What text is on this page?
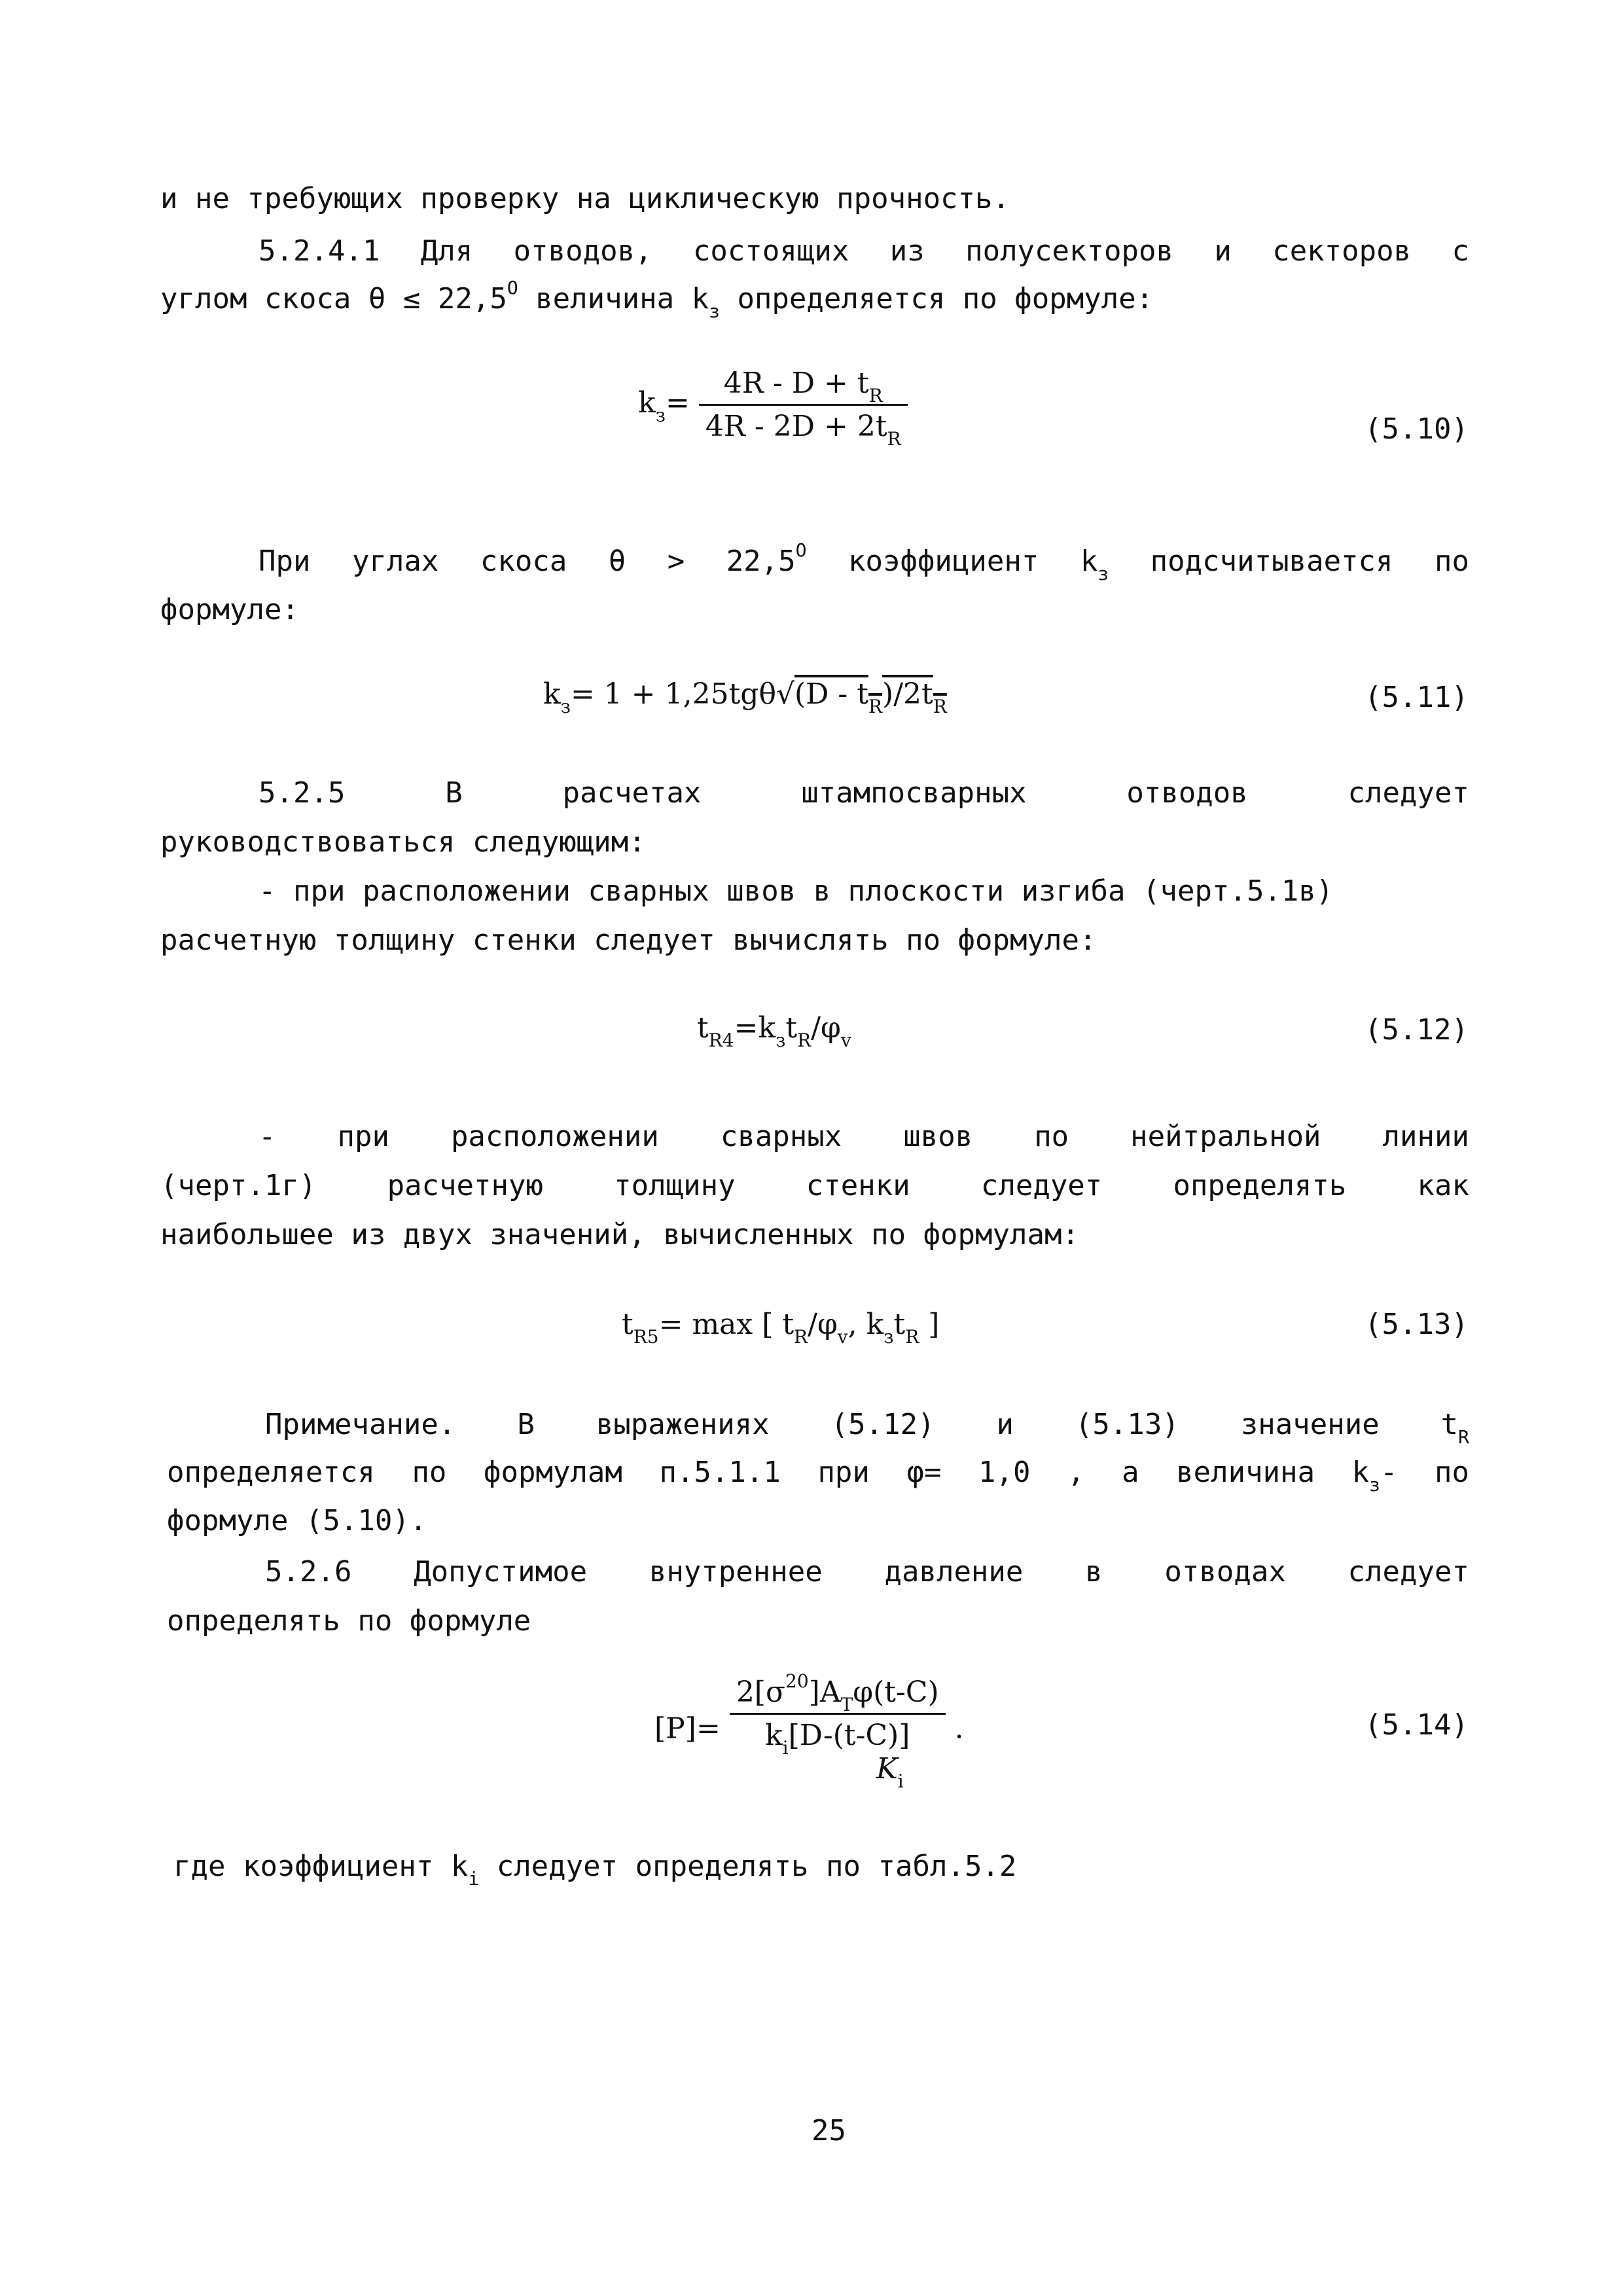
и не требующих проверку на циклическую прочность.
5.2.4.1 Для отводов, состоящих из полусекторов и секторов с
углом скоса $\theta \le 22,5^O$ величина $k_з$ определяется по формуле:
$k_з= \frac{4R - D + t_R}{4R - 2D + 2t_R}$	(5.10)
При углах скоса $\theta > 22,5^O$ коэффициент $k_з$ подсчитывается по
формуле:
$k_з= 1 + 1,25tg\theta√(D - t_R)/2t_R$	(5.11)
5.2.5 В расчетах штампосварных отводов следует
руководствоваться следующим:
- при расположении сварных швов в плоскости изгиба (черт.5.1в)
расчетную толщину стенки следует вычислять по формуле:
$t_{R4}=k_зt_R/\varphi_v$	(5.12)
- при расположении сварных швов по нейтральной линии
(черт.1г) расчетную толщину стенки следует определять как
наибольшее из двух значений, вычисленных по формулам:
$t_{R5}= \max$ [ $t_R/\varphi_v$, $k_зt_R$ ]	(5.13)
Примечание. В выражениях (5.12) и (5.13) значение $t_R$
определяется по формулам п.5.1.1 при φ= 1,0 , а величина $k_з-$ по
формуле (5.10).
5.2.6 Допустимое внутреннее давление в отводах следует
определять по формуле
[P]=
$2[\sigma^{20}]A_T\varphi(t-C)$
$k_i[D-(t-C)]$
$K_i$
.	(5.14)
где коэффициент $k_i$ следует определять по табл.5.2
25
